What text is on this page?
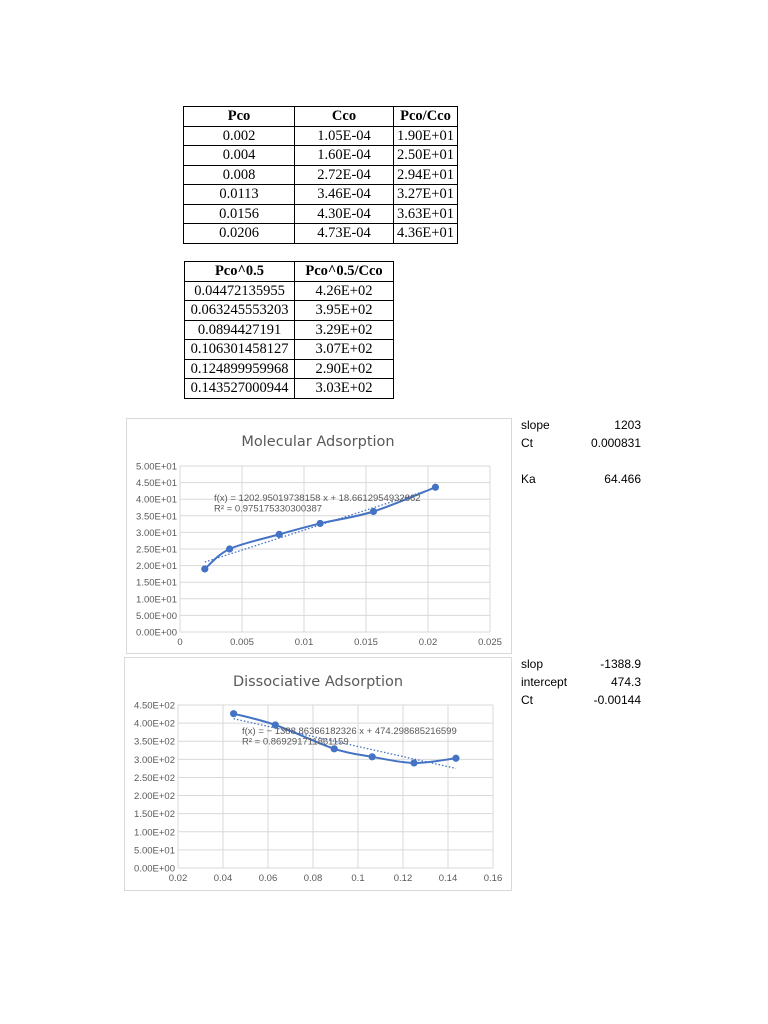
Pco	Cco	Pco/Cco
0.002	1.05E-04	1.90E+01
0.004	1.60E-04	2.50E+01
0.008	2.72E-04	2.94E+01
0.0113	3.46E-04	3.27E+01
0.0156	4.30E-04	3.63E+01
0.0206	4.73E-04	4.36E+01
Pco^0.5	Pco^0.5/Cco
0.04472135955	4.26E+02
0.063245553203	3.95E+02
0.0894427191	3.29E+02
0.106301458127	3.07E+02
0.124899959968	2.90E+02
0.143527000944	3.03E+02
Molecular Adsorption
0.00E+00
5.00E+00
1.00E+01
1.50E+01
2.00E+01
2.50E+01
3.00E+01
3.50E+01
4.00E+01
4.50E+01
5.00E+01
0	0.005	0.01	0.015	0.02	0.025
f(x) = 1202.95019738158 x + 18.6612954932862
R² = 0.975175330300387
Dissociative Adsorption
0.00E+00
5.00E+01
1.00E+02
1.50E+02
2.00E+02
2.50E+02
3.00E+02
3.50E+02
4.00E+02
4.50E+02
0.02	0.04	0.06	0.08	0.1	0.12	0.14	0.16
f(x) = − 1388.86366182326 x + 474.298685216599
R² = 0.869291711861159
slope	1203
Ct	0.000831
Ka	64.466
slop	-1388.9
intercept	474.3
Ct	-0.00144
